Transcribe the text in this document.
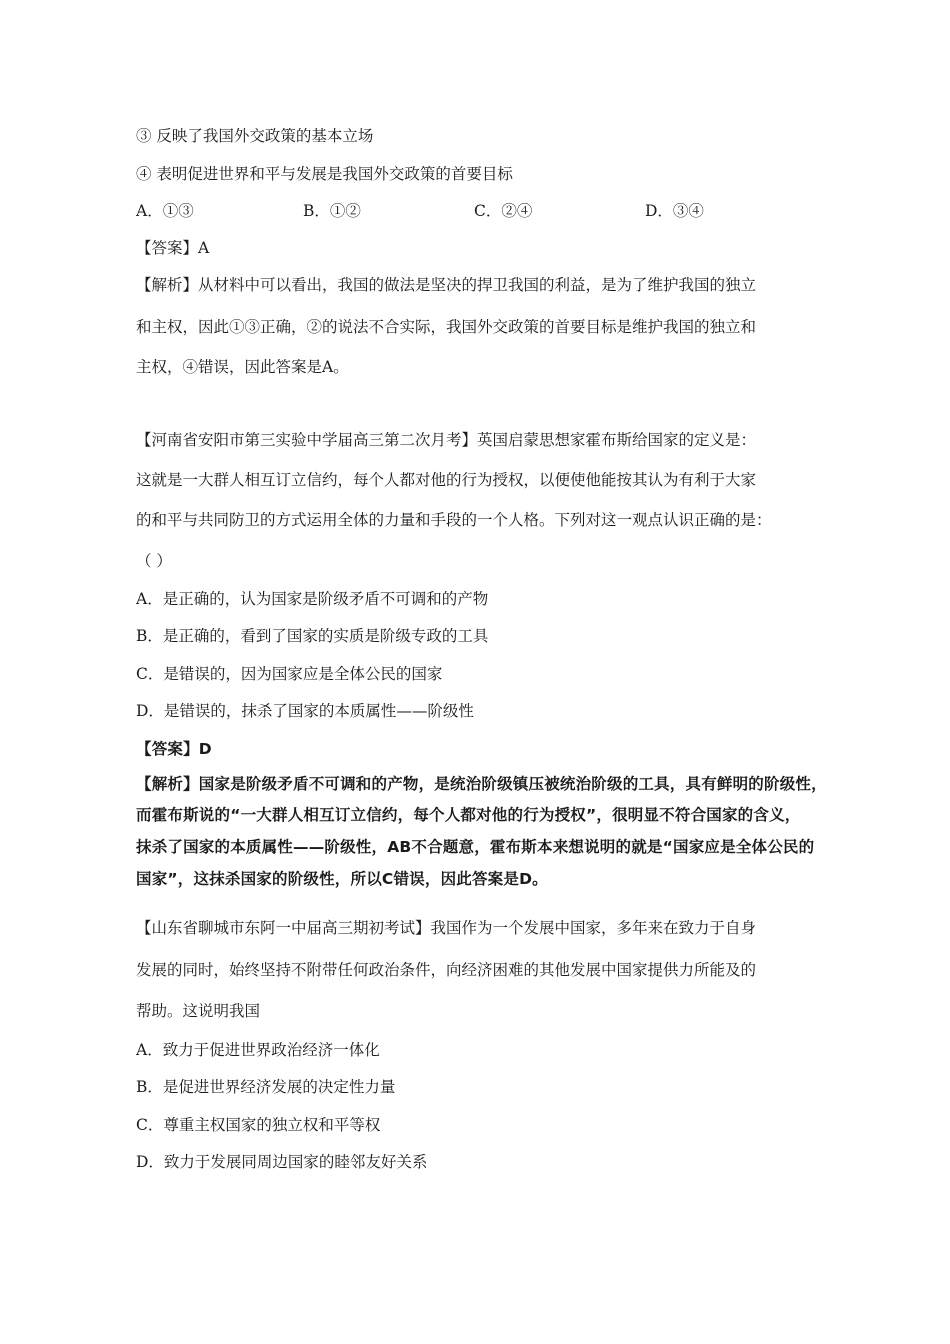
③ 反映了我国外交政策的基本立场
④ 表明促进世界和平与发展是我国外交政策的首要目标
A．①③	B．①②	C．②④	D．③④
【答案】A
【解析】从材料中可以看出，我国的做法是坚决的捍卫我国的利益，是为了维护我国的独立
和主权，因此①③正确，②的说法不合实际，我国外交政策的首要目标是维护我国的独立和
主权，④错误，因此答案是A。
【河南省安阳市第三实验中学届高三第二次月考】英国启蒙思想家霍布斯给国家的定义是：
这就是一大群人相互订立信约，每个人都对他的行为授权，以便使他能按其认为有利于大家
的和平与共同防卫的方式运用全体的力量和手段的一个人格。下列对这一观点认识正确的是：
（ ）
A．是正确的，认为国家是阶级矛盾不可调和的产物
B．是正确的，看到了国家的实质是阶级专政的工具
C．是错误的，因为国家应是全体公民的国家
D．是错误的，抹杀了国家的本质属性——阶级性
【答案】D
【解析】国家是阶级矛盾不可调和的产物，是统治阶级镇压被统治阶级的工具，具有鲜明的阶级性，
而霍布斯说的“一大群人相互订立信约，每个人都对他的行为授权”，很明显不符合国家的含义，
抹杀了国家的本质属性——阶级性，AB不合题意，霍布斯本来想说明的就是“国家应是全体公民的
国家”，这抹杀国家的阶级性，所以C错误，因此答案是D。
【山东省聊城市东阿一中届高三期初考试】我国作为一个发展中国家，多年来在致力于自身
发展的同时，始终坚持不附带任何政治条件，向经济困难的其他发展中国家提供力所能及的
帮助。这说明我国
A．致力于促进世界政治经济一体化
B．是促进世界经济发展的决定性力量
C．尊重主权国家的独立权和平等权
D．致力于发展同周边国家的睦邻友好关系
